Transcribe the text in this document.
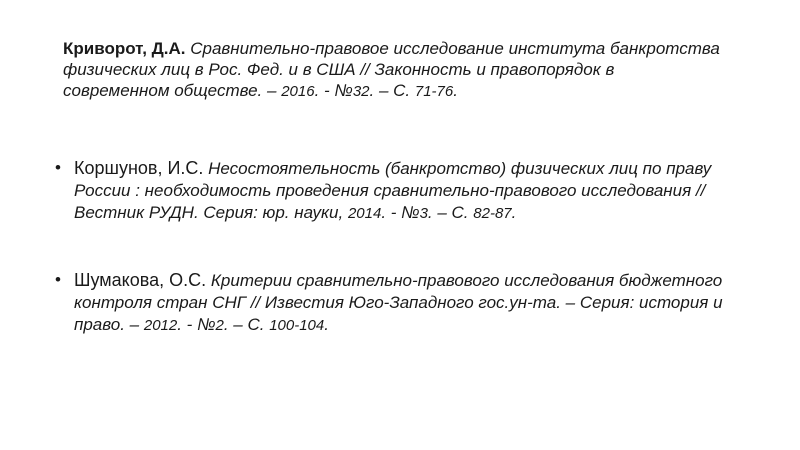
Криворот, Д.А. Сравнительно-правовое исследование института банкротства физических лиц в Рос. Фед. и в США // Законность и правопорядок в современном обществе. – 2016. - №32. – С. 71-76.
• Коршунов, И.С. Несостоятельность (банкротство) физических лиц по праву России : необходимость проведения сравнительно-правового исследования // Вестник РУДН. Серия: юр. науки, 2014. - №3. – С. 82-87.
• Шумакова, О.С. Критерии сравнительно-правового исследования бюджетного контроля стран СНГ // Известия Юго-Западного гос.ун-та. – Серия: история и право. – 2012. - №2. – С. 100-104.
